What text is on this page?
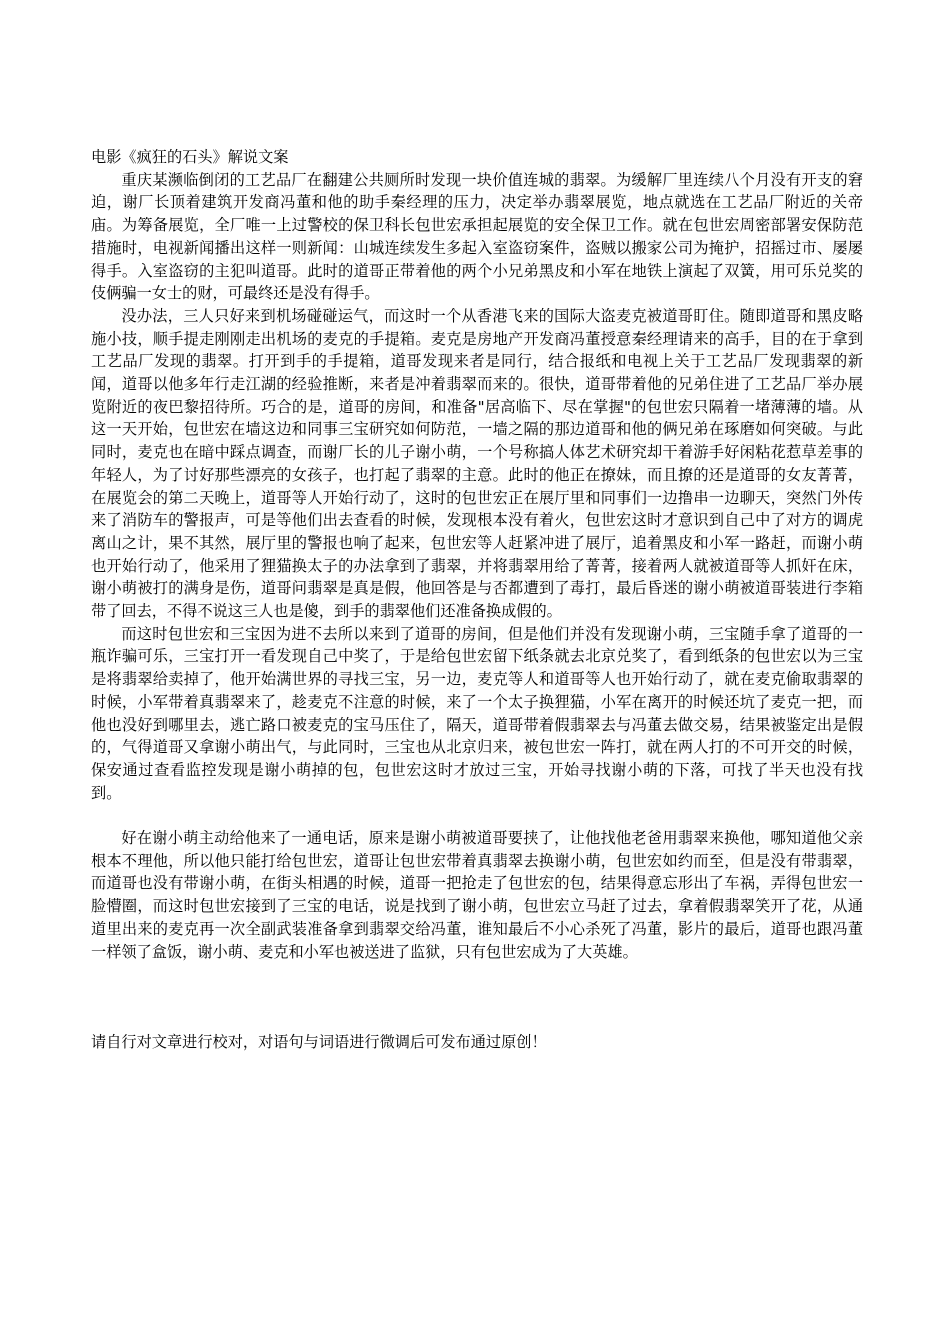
电影《疯狂的石头》解说文案

重庆某濒临倒闭的工艺品厂在翻建公共厕所时发现一块价值连城的翡翠。为缓解厂里连续八个月没有开支的窘迫，谢厂长顶着建筑开发商冯董和他的助手秦经理的压力，决定举办翡翠展览，地点就选在工艺品厂附近的关帝庙。为筹备展览，全厂唯一上过警校的保卫科长包世宏承担起展览的安全保卫工作。就在包世宏周密部署安保防范措施时，电视新闻播出这样一则新闻：山城连续发生多起入室盗窃案件，盗贼以搬家公司为掩护，招摇过市、屡屡得手。入室盗窃的主犯叫道哥。此时的道哥正带着他的两个小兄弟黑皮和小军在地铁上演起了双簧，用可乐兑奖的伎俩骗一女士的财，可最终还是没有得手。

没办法，三人只好来到机场碰碰运气，而这时一个从香港飞来的国际大盗麦克被道哥盯住。随即道哥和黑皮略施小技，顺手提走刚刚走出机场的麦克的手提箱。麦克是房地产开发商冯董授意秦经理请来的高手，目的在于拿到工艺品厂发现的翡翠。打开到手的手提箱，道哥发现来者是同行，结合报纸和电视上关于工艺品厂发现翡翠的新闻，道哥以他多年行走江湖的经验推断，来者是冲着翡翠而来的。很快，道哥带着他的兄弟住进了工艺品厂举办展览附近的夜巴黎招待所。巧合的是，道哥的房间，和准备"居高临下、尽在掌握"的包世宏只隔着一堵薄薄的墙。从这一天开始，包世宏在墙这边和同事三宝研究如何防范，一墙之隔的那边道哥和他的俩兄弟在琢磨如何突破。与此同时，麦克也在暗中踩点调查，而谢厂长的儿子谢小萌，一个号称搞人体艺术研究却干着游手好闲粘花惹草差事的年轻人，为了讨好那些漂亮的女孩子，也打起了翡翠的主意。此时的他正在撩妹，而且撩的还是道哥的女友菁菁，在展览会的第二天晚上，道哥等人开始行动了，这时的包世宏正在展厅里和同事们一边撸串一边聊天，突然门外传来了消防车的警报声，可是等他们出去查看的时候，发现根本没有着火，包世宏这时才意识到自己中了对方的调虎离山之计，果不其然，展厅里的警报也响了起来，包世宏等人赶紧冲进了展厅，追着黑皮和小军一路赶，而谢小萌也开始行动了，他采用了狸猫换太子的办法拿到了翡翠，并将翡翠用给了菁菁，接着两人就被道哥等人抓奸在床，谢小萌被打的满身是伤，道哥问翡翠是真是假，他回答是与否都遭到了毒打，最后昏迷的谢小萌被道哥装进行李箱带了回去，不得不说这三人也是傻，到手的翡翠他们还准备换成假的。

而这时包世宏和三宝因为进不去所以来到了道哥的房间，但是他们并没有发现谢小萌，三宝随手拿了道哥的一瓶诈骗可乐，三宝打开一看发现自己中奖了，于是给包世宏留下纸条就去北京兑奖了，看到纸条的包世宏以为三宝是将翡翠给卖掉了，他开始满世界的寻找三宝，另一边，麦克等人和道哥等人也开始行动了，就在麦克偷取翡翠的时候，小军带着真翡翠来了，趁麦克不注意的时候，来了一个太子换狸猫，小军在离开的时候还坑了麦克一把，而他也没好到哪里去，逃亡路口被麦克的宝马压住了，隔天，道哥带着假翡翠去与冯董去做交易，结果被鉴定出是假的，气得道哥又拿谢小萌出气，与此同时，三宝也从北京归来，被包世宏一阵打，就在两人打的不可开交的时候，保安通过查看监控发现是谢小萌掉的包，包世宏这时才放过三宝，开始寻找谢小萌的下落，可找了半天也没有找到。

好在谢小萌主动给他来了一通电话，原来是谢小萌被道哥要挟了，让他找他老爸用翡翠来换他，哪知道他父亲根本不理他，所以他只能打给包世宏，道哥让包世宏带着真翡翠去换谢小萌，包世宏如约而至，但是没有带翡翠，而道哥也没有带谢小萌，在街头相遇的时候，道哥一把抢走了包世宏的包，结果得意忘形出了车祸，弄得包世宏一脸懵圈，而这时包世宏接到了三宝的电话，说是找到了谢小萌，包世宏立马赶了过去，拿着假翡翠笑开了花，从通道里出来的麦克再一次全副武装准备拿到翡翠交给冯董，谁知最后不小心杀死了冯董，影片的最后，道哥也跟冯董一样领了盒饭，谢小萌、麦克和小军也被送进了监狱，只有包世宏成为了大英雄。

请自行对文章进行校对，对语句与词语进行微调后可发布通过原创！
